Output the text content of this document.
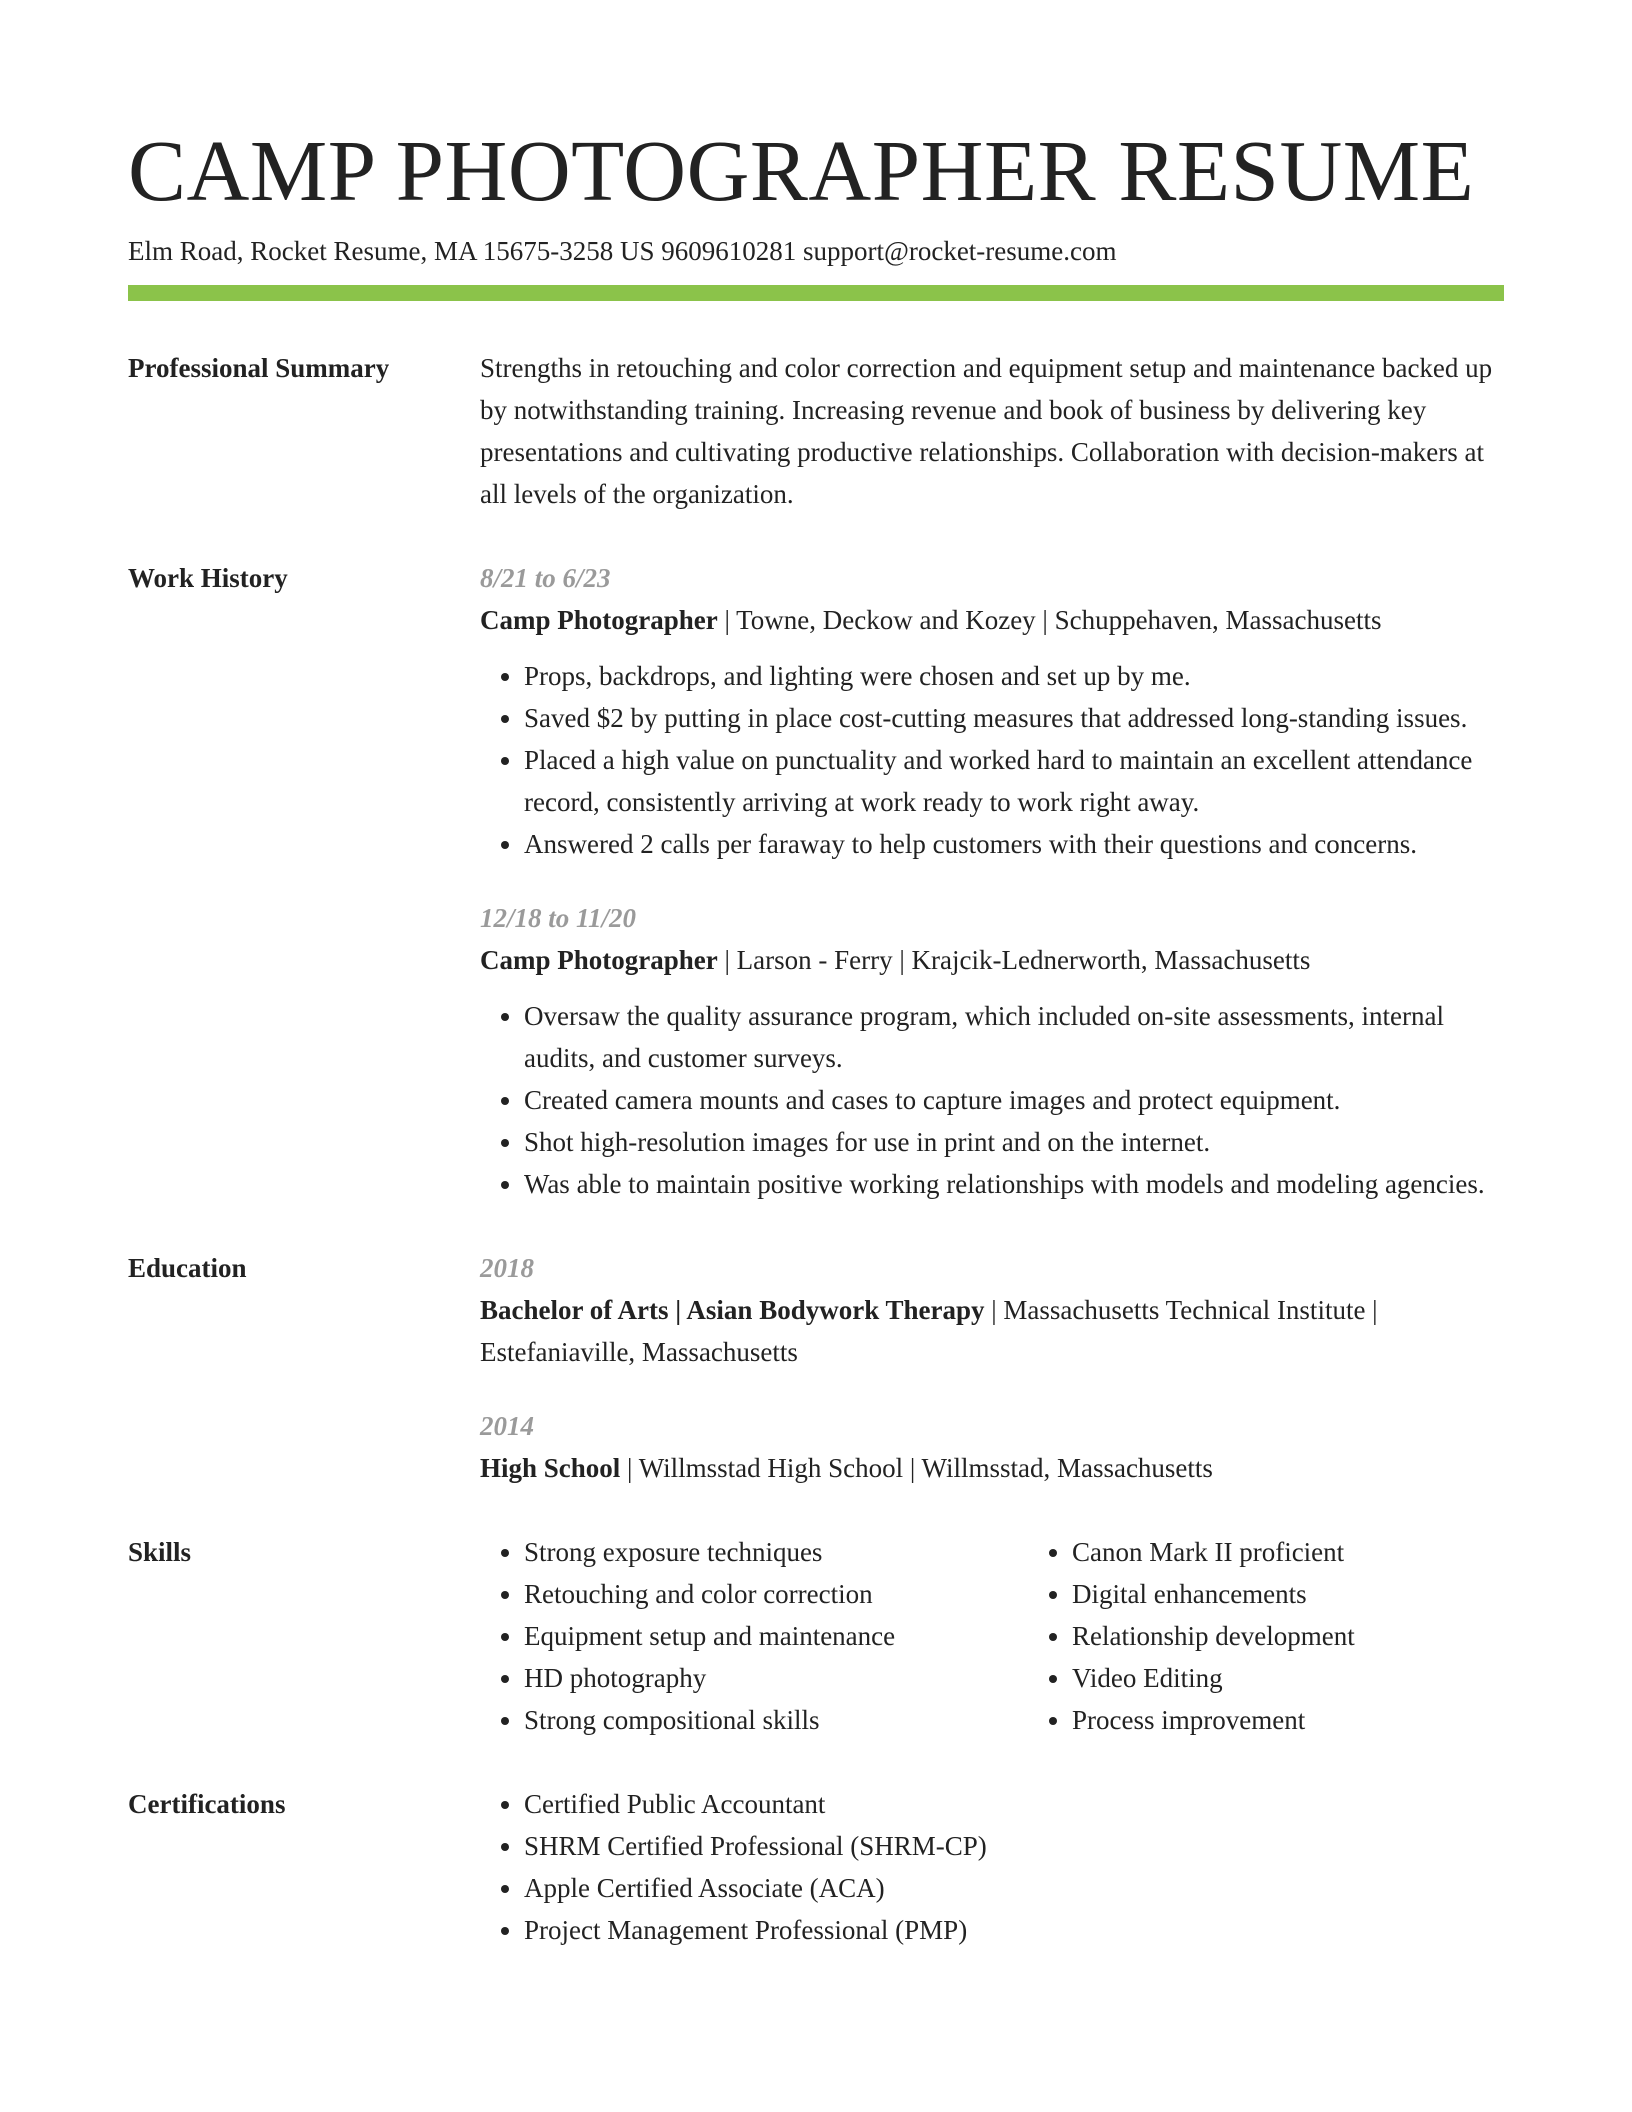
CAMP PHOTOGRAPHER RESUME
Elm Road, Rocket Resume, MA 15675-3258 US 9609610281 support@rocket-resume.com
Professional Summary	Strengths in retouching and color correction and equipment setup and maintenance backed up by notwithstanding training. Increasing revenue and book of business by delivering key presentations and cultivating productive relationships. Collaboration with decision-makers at all levels of the organization.

Work History	8/21 to 6/23
Camp Photographer | Towne, Deckow and Kozey | Schuppehaven, Massachusetts
• Props, backdrops, and lighting were chosen and set up by me.
• Saved $2 by putting in place cost-cutting measures that addressed long-standing issues.
• Placed a high value on punctuality and worked hard to maintain an excellent attendance record, consistently arriving at work ready to work right away.
• Answered 2 calls per faraway to help customers with their questions and concerns.
12/18 to 11/20
Camp Photographer | Larson - Ferry | Krajcik-Lednerworth, Massachusetts
• Oversaw the quality assurance program, which included on-site assessments, internal audits, and customer surveys.
• Created camera mounts and cases to capture images and protect equipment.
• Shot high-resolution images for use in print and on the internet.
• Was able to maintain positive working relationships with models and modeling agencies.
Education	2018
Bachelor of Arts | Asian Bodywork Therapy | Massachusetts Technical Institute | Estefaniaville, Massachusetts
2014
High School | Willmsstad High School | Willmsstad, Massachusetts
Skills	• Strong exposure techniques
• Retouching and color correction
• Equipment setup and maintenance
• HD photography
• Strong compositional skills
• Canon Mark II proficient
• Digital enhancements
• Relationship development
• Video Editing
• Process improvement
Certifications	• Certified Public Accountant
• SHRM Certified Professional (SHRM-CP)
• Apple Certified Associate (ACA)
• Project Management Professional (PMP)
